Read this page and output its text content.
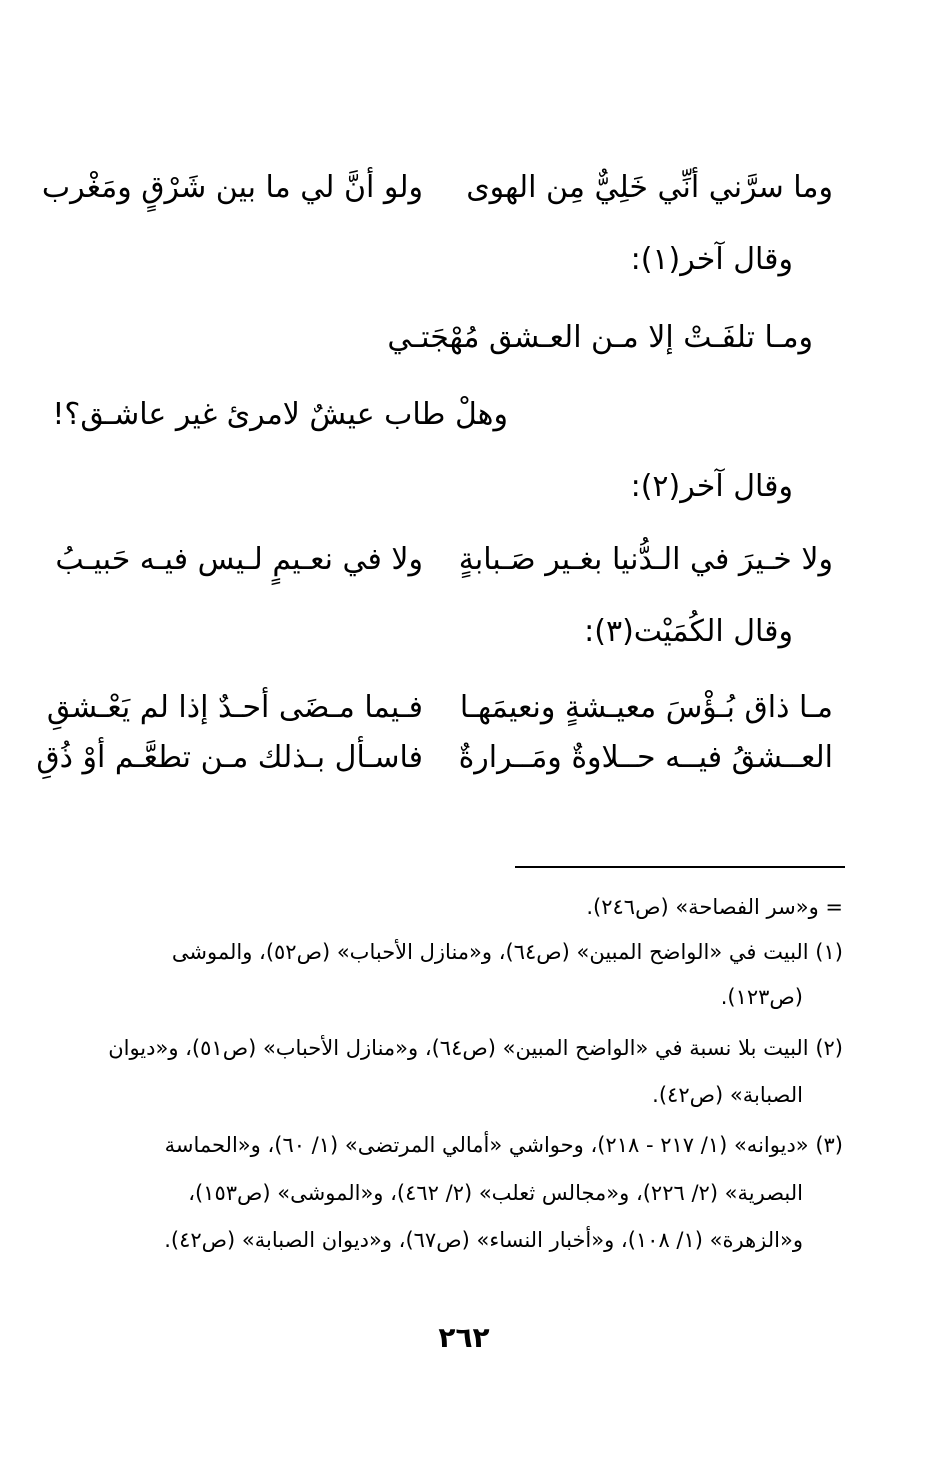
وما سرَّني أنِّي خَلِيٌّ مِن الهوى
ولو أنَّ لي ما بين شَرْقٍ ومَغْرب
وقال آخر(١):
ومـا تلفَـتْ إلا مـن العـشق مُهْجَتـي
وهلْ طاب عيشٌ لامرئ غير عاشـق؟!
وقال آخر(٢):
ولا خـيرَ في الـدُّنيا بغـير صَـبابةٍ
ولا في نعـيمٍ لـيس فيـه حَبيـبُ
وقال الكُمَيْت(٣):
مـا ذاق بُـؤْسَ معيـشةٍ ونعيمَهـا
فـيما مـضَى أحـدٌ إذا لم يَعْـشقِ
العــشقُ فيــه حــلاوةٌ ومَــرارةٌ
فاسـأل بـذلك مـن تطعَّـم أوْ ذُقِ
= و«سر الفصاحة» (ص٢٤٦).
(١) البيت في «الواضح المبين» (ص٦٤)، و«منازل الأحباب» (ص٥٢)، والموشى
(ص١٢٣).
(٢) البيت بلا نسبة في «الواضح المبين» (ص٦٤)، و«منازل الأحباب» (ص٥١)، و«ديوان
الصبابة» (ص٤٢).
(٣) «ديوانه» (١/ ٢١٧ - ٢١٨)، وحواشي «أمالي المرتضى» (١/ ٦٠)، و«الحماسة
البصرية» (٢/ ٢٢٦)، و«مجالس ثعلب» (٢/ ٤٦٢)، و«الموشى» (ص١٥٣)،
و«الزهرة» (١/ ١٠٨)، و«أخبار النساء» (ص٦٧)، و«ديوان الصبابة» (ص٤٢).
٢٦٢
